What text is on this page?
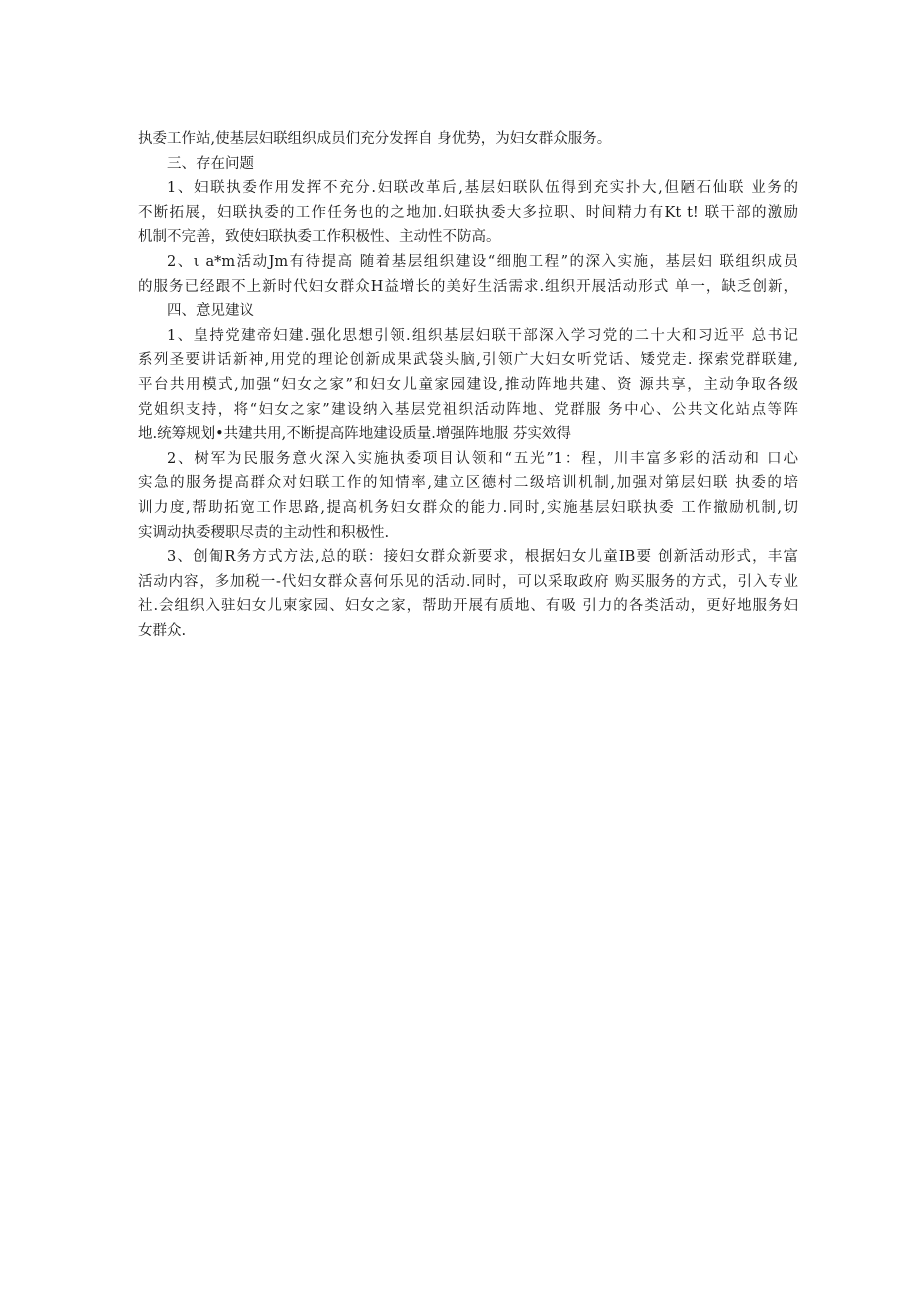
执委工作站,使基层妇联组织成员们充分发挥自 身优势，为妇女群众服务。
三、存在问题
1、妇联执委作用发挥不充分.妇联改革后,基层妇联队伍得到充实扑大,但陋石仙联 业务的
不断拓展，妇联执委的工作任务也的之地加.妇联执委大多拉职、时间精力有Kt t! 联干部的激励
机制不完善，致使妇联执委工作积极性、主动性不防高。
2、ι a*m活动Jm有待提高 随着基层组织建设“细胞工程”的深入实施，基层妇 联组织成员
的服务已经跟不上新时代妇女群众H益增长的美好生活需求.组织开展活动形式 单一，缺乏创新，
四、意见建议
1、皇持党建帝妇建.强化思想引领.组织基层妇联干部深入学习党的二十大和习近平 总书记
系列圣要讲话新神,用党的理论创新成果武袋头脑,引领广大妇女听党话、矮党走. 探索党群联建,
平台共用模式,加强“妇女之家”和妇女儿童家园建设,推动阵地共建、资 源共享，主动争取各级
党姐织支持，将“妇女之家”建设纳入基层党祖织活动阵地、党群服 务中心、公共文化站点等阵
地.统筹规划•共建共用,不断提高阵地建设质量.增强阵地服 芬实效得
2、树军为民服务意火深入实施执委项目认领和“五光”1：程，川丰富多彩的活动和 口心
实急的服务提高群众对妇联工作的知情率,建立区德村二级培训机制,加强对第层妇联 执委的培
训力度,帮助拓宽工作思路,提高机务妇女群众的能力.同时,实施基层妇联执委 工作撤励机制,切
实调动执委稷职尽责的主动性和积极性.
3、创匍R务方式方法,总的联：接妇女群众新要求，根据妇女儿童IB要 创新活动形式，丰富
活动内容，多加税一-代妇女群众喜何乐见的活动.同时，可以采取政府 购买服务的方式，引入专业
社.会组织入驻妇女儿柬家园、妇女之家，帮助开展有质地、有吸 引力的各类活动，更好地服务妇
女群众.
